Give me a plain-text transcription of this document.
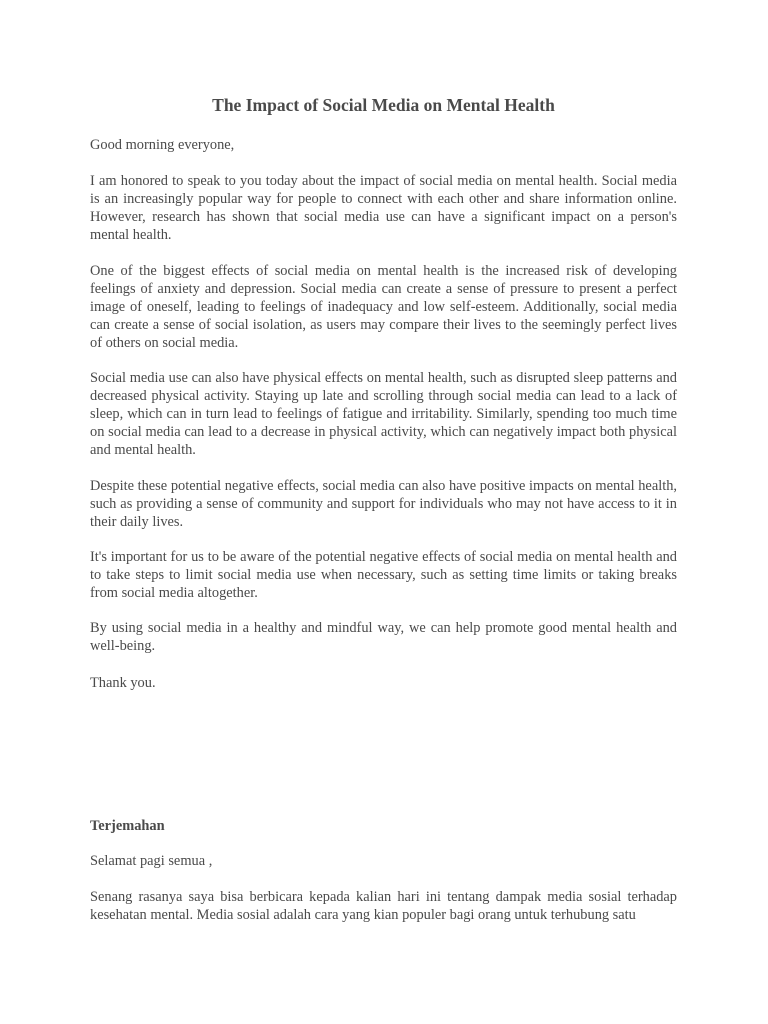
The Impact of Social Media on Mental Health

Good morning everyone,

I am honored to speak to you today about the impact of social media on mental health. Social media is an increasingly popular way for people to connect with each other and share information online. However, research has shown that social media use can have a significant impact on a person's mental health.

One of the biggest effects of social media on mental health is the increased risk of developing feelings of anxiety and depression. Social media can create a sense of pressure to present a perfect image of oneself, leading to feelings of inadequacy and low self-esteem. Additionally, social media can create a sense of social isolation, as users may compare their lives to the seemingly perfect lives of others on social media.

Social media use can also have physical effects on mental health, such as disrupted sleep patterns and decreased physical activity. Staying up late and scrolling through social media can lead to a lack of sleep, which can in turn lead to feelings of fatigue and irritability. Similarly, spending too much time on social media can lead to a decrease in physical activity, which can negatively impact both physical and mental health.

Despite these potential negative effects, social media can also have positive impacts on mental health, such as providing a sense of community and support for individuals who may not have access to it in their daily lives.

It's important for us to be aware of the potential negative effects of social media on mental health and to take steps to limit social media use when necessary, such as setting time limits or taking breaks from social media altogether.

By using social media in a healthy and mindful way, we can help promote good mental health and well-being.

Thank you.

Terjemahan

Selamat pagi semua ,

Senang rasanya saya bisa berbicara kepada kalian hari ini tentang dampak media sosial terhadap kesehatan mental. Media sosial adalah cara yang kian populer bagi orang untuk terhubung satu
